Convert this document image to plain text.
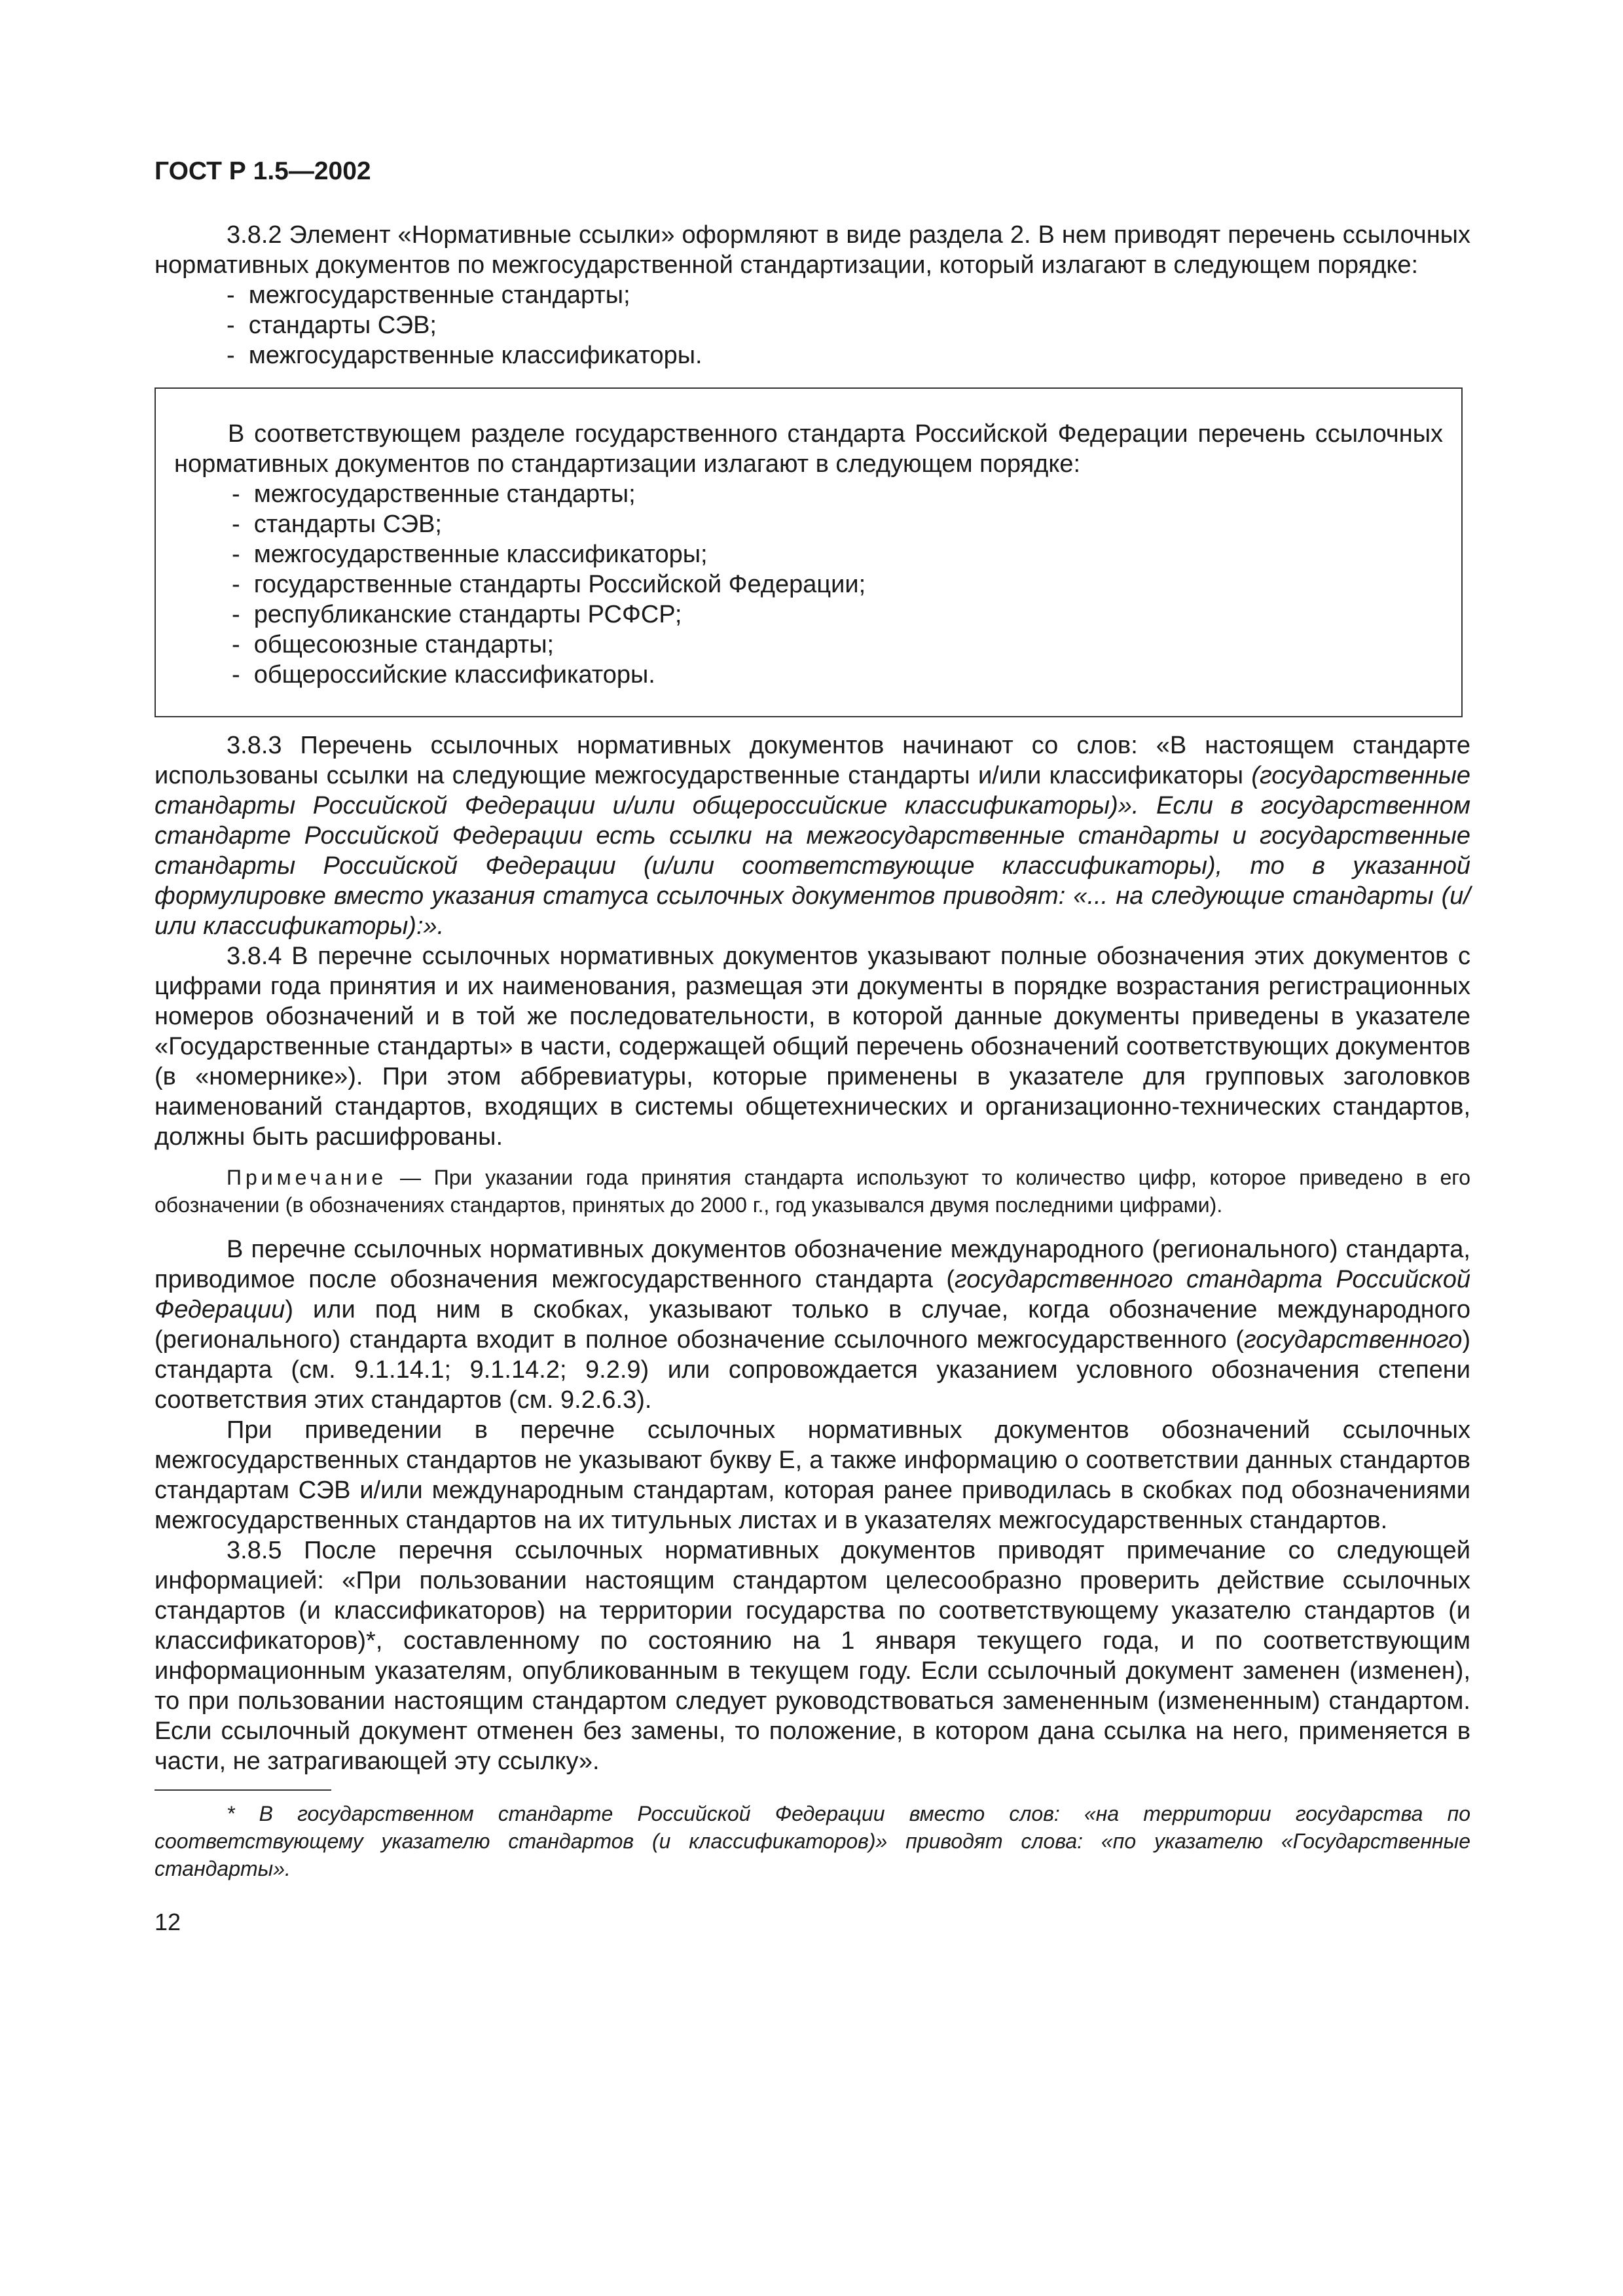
ГОСТ Р 1.5—2002

3.8.2 Элемент «Нормативные ссылки» оформляют в виде раздела 2. В нем приводят перечень ссылочных нормативных документов по межгосударственной стандартизации, который излагают в следующем порядке:

- межгосударственные стандарты;
- стандарты СЭВ;
- межгосударственные классификаторы.

В соответствующем разделе государственного стандарта Российской Федерации перечень ссылочных нормативных документов по стандартизации излагают в следующем порядке:

- межгосударственные стандарты;
- стандарты СЭВ;
- межгосударственные классификаторы;
- государственные стандарты Российской Федерации;
- республиканские стандарты РСФСР;
- общесоюзные стандарты;
- общероссийские классификаторы.

3.8.3 Перечень ссылочных нормативных документов начинают со слов: «В настоящем стандарте использованы ссылки на следующие межгосударственные стандарты и/или классификаторы (государственные стандарты Российской Федерации и/или общероссийские классификаторы)». Если в государственном стандарте Российской Федерации есть ссылки на межгосударственные стандарты и государственные стандарты Российской Федерации (и/или соответствующие классификаторы), то в указанной формулировке вместо указания статуса ссылочных документов приводят: «... на следующие стандарты (и/или классификаторы):».

3.8.4 В перечне ссылочных нормативных документов указывают полные обозначения этих документов с цифрами года принятия и их наименования, размещая эти документы в порядке возрастания регистрационных номеров обозначений и в той же последовательности, в которой данные документы приведены в указателе «Государственные стандарты» в части, содержащей общий перечень обозначений соответствующих документов (в «номернике»). При этом аббревиатуры, которые применены в указателе для групповых заголовков наименований стандартов, входящих в системы общетехнических и организационно-технических стандартов, должны быть расшифрованы.

Примечание — При указании года принятия стандарта используют то количество цифр, которое приведено в его обозначении (в обозначениях стандартов, принятых до 2000 г., год указывался двумя последними цифрами).

В перечне ссылочных нормативных документов обозначение международного (регионального) стандарта, приводимое после обозначения межгосударственного стандарта (государственного стандарта Российской Федерации) или под ним в скобках, указывают только в случае, когда обозначение международного (регионального) стандарта входит в полное обозначение ссылочного межгосударственного (государственного) стандарта (см. 9.1.14.1; 9.1.14.2; 9.2.9) или сопровождается указанием условного обозначения степени соответствия этих стандартов (см. 9.2.6.3).

При приведении в перечне ссылочных нормативных документов обозначений ссылочных межгосударственных стандартов не указывают букву Е, а также информацию о соответствии данных стандартов стандартам СЭВ и/или международным стандартам, которая ранее приводилась в скобках под обозначениями межгосударственных стандартов на их титульных листах и в указателях межгосударственных стандартов.

3.8.5 После перечня ссылочных нормативных документов приводят примечание со следующей информацией: «При пользовании настоящим стандартом целесообразно проверить действие ссылочных стандартов (и классификаторов) на территории государства по соответствующему указателю стандартов (и классификаторов)*, составленному по состоянию на 1 января текущего года, и по соответствующим информационным указателям, опубликованным в текущем году. Если ссылочный документ заменен (изменен), то при пользовании настоящим стандартом следует руководствоваться замененным (измененным) стандартом. Если ссылочный документ отменен без замены, то положение, в котором дана ссылка на него, применяется в части, не затрагивающей эту ссылку».

* В государственном стандарте Российской Федерации вместо слов: «на территории государства по соответствующему указателю стандартов (и классификаторов)» приводят слова: «по указателю «Государственные стандарты».
12
